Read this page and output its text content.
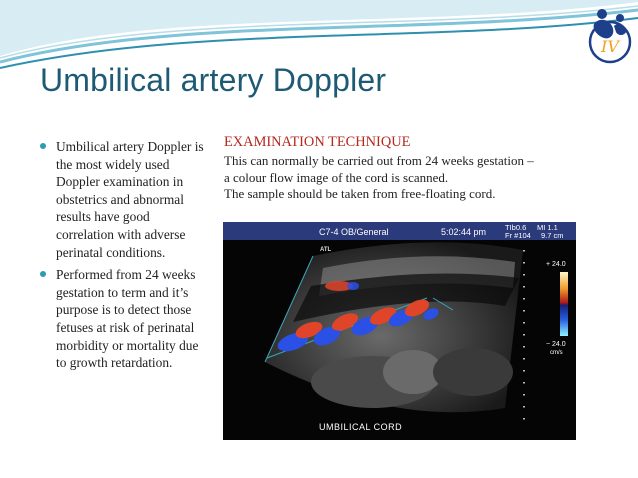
IV
Umbilical artery Doppler
Umbilical artery Doppler is the most widely used Doppler examination in obstetrics and abnormal results have good correlation with adverse perinatal conditions.
Performed from 24 weeks gestation to term and it’s purpose is to detect those fetuses at risk of perinatal morbidity or mortality due to growth retardation.
EXAMINATION TECHNIQUE
This can normally be carried out from 24 weeks gestation –
a colour flow image of the cord is scanned.
The sample should be taken from free-floating cord.
C7-4 OB/General	5:02:44 pm	TIb0.6 MI 1.1
Fr #104 9.7 cm
ATL
+ 24.0
− 24.0
cm/s
UMBILICAL CORD
